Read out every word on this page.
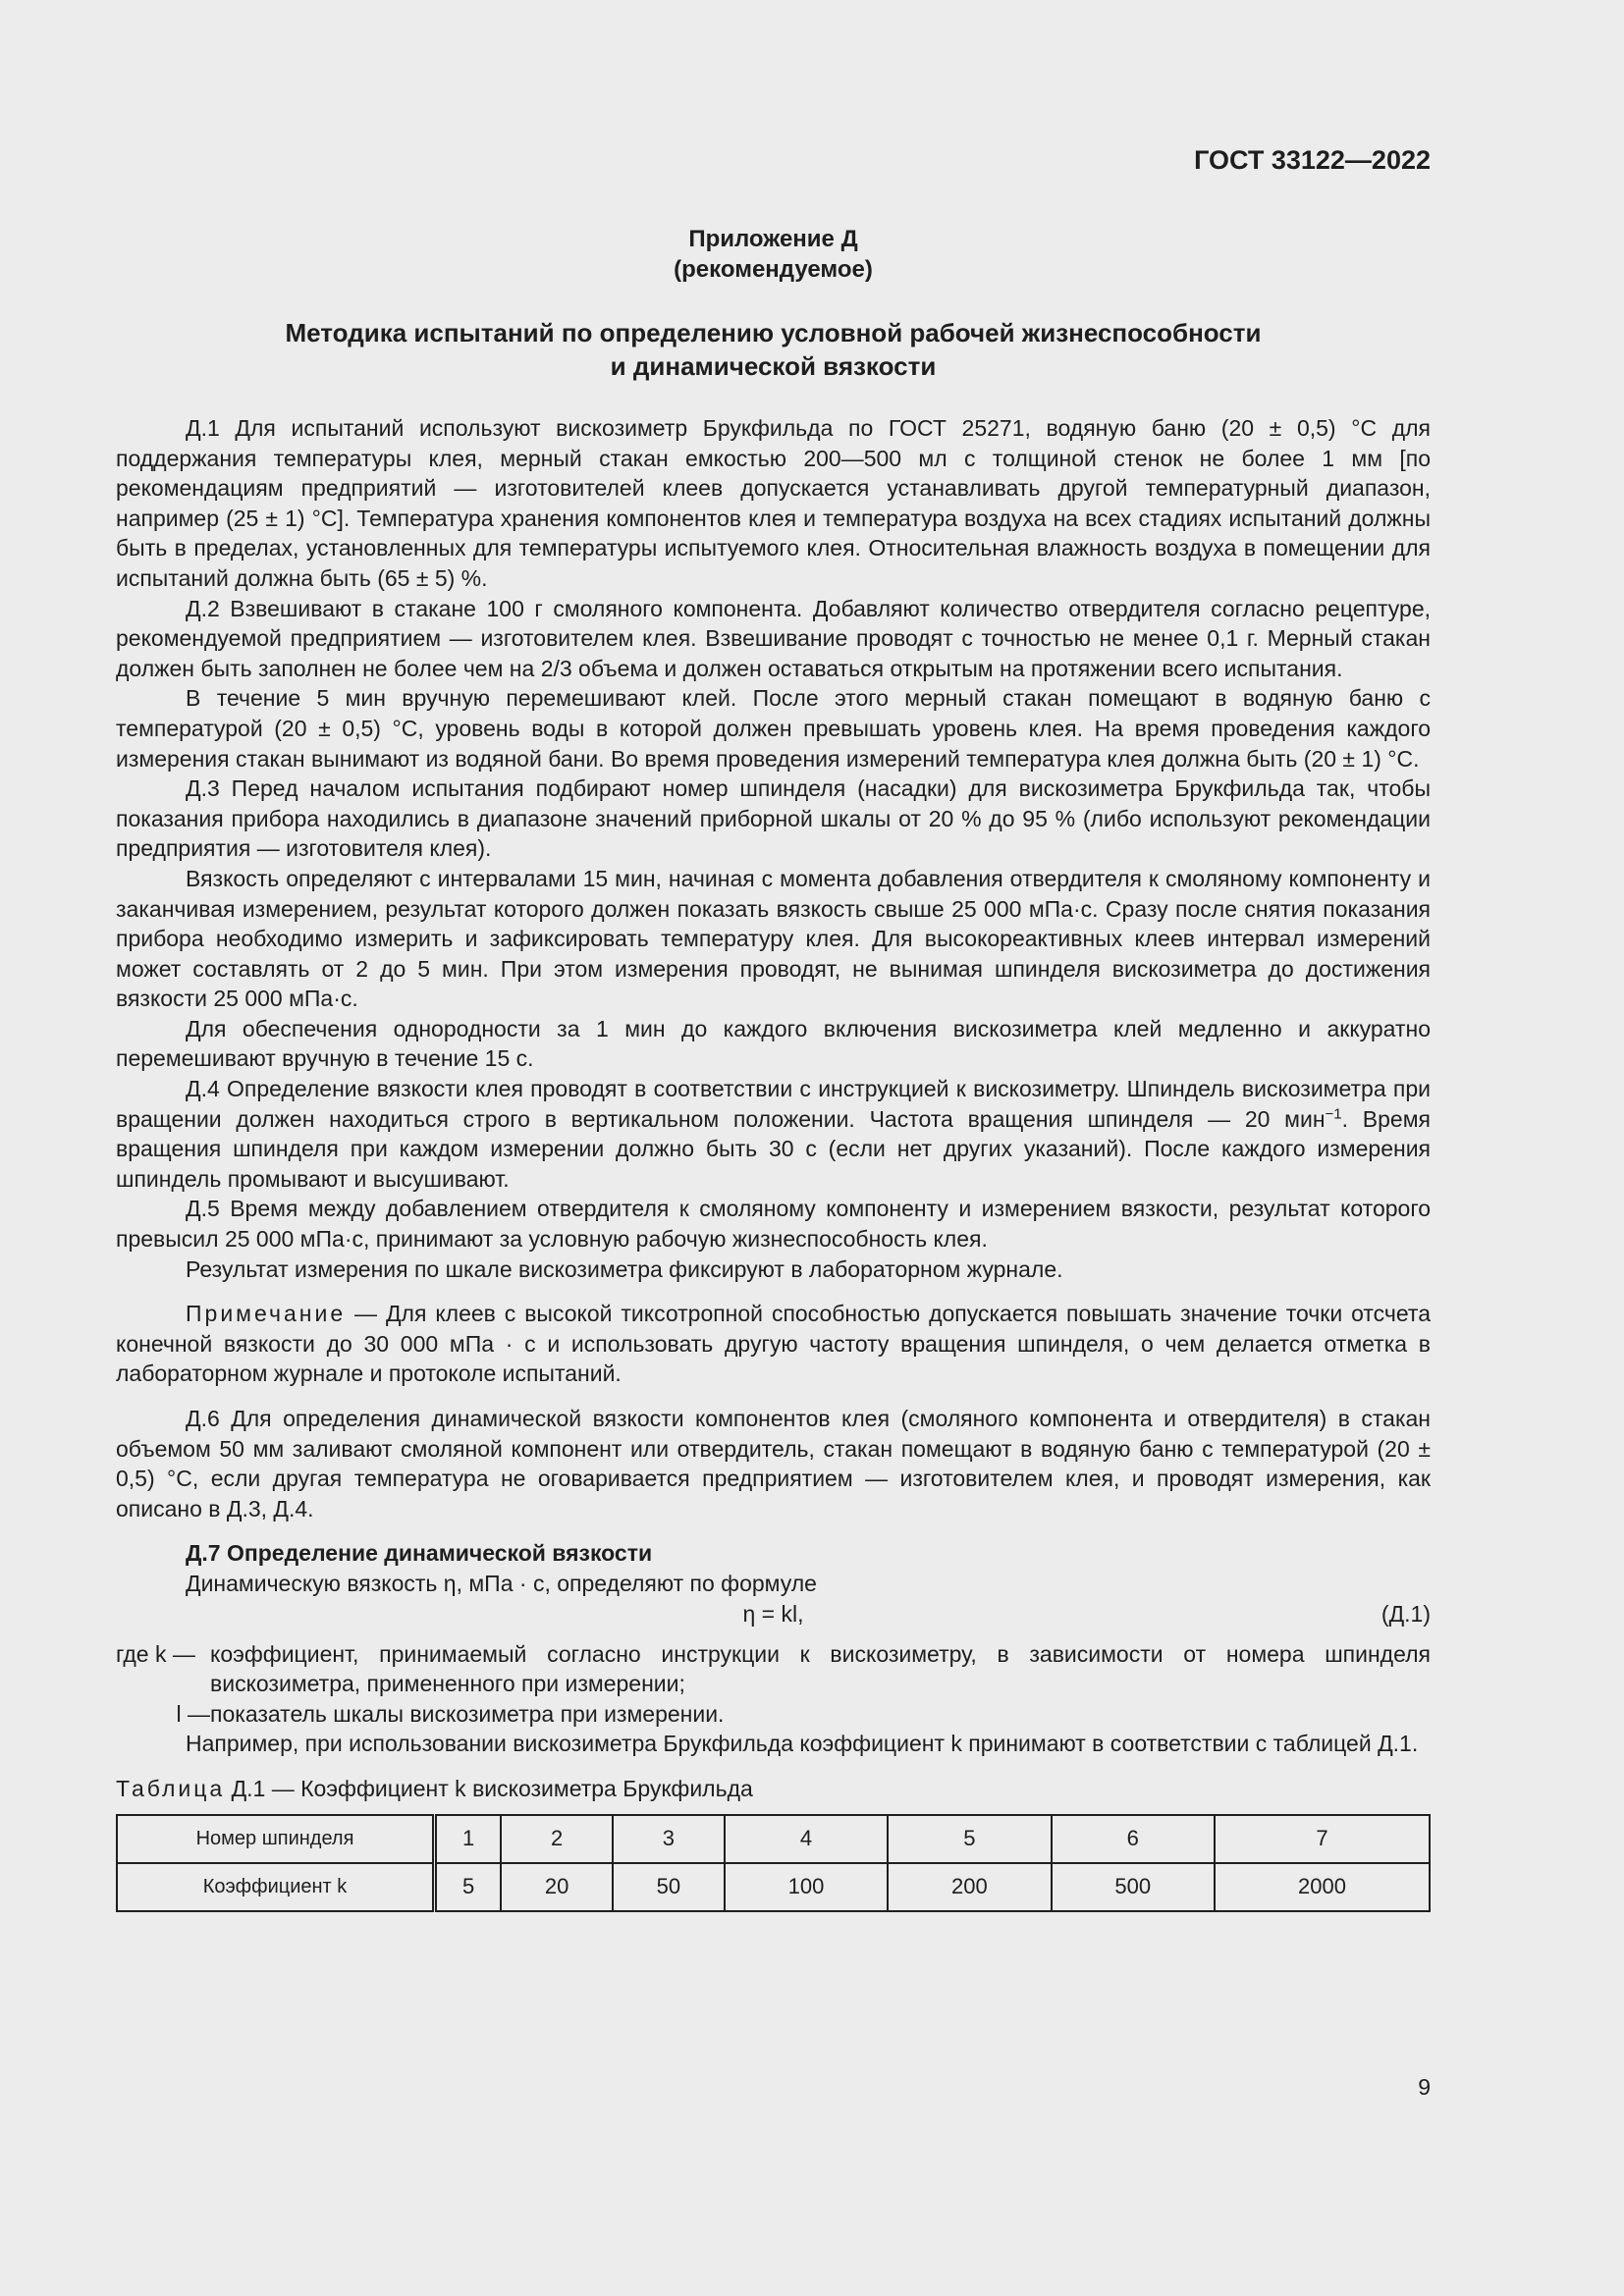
ГОСТ 33122—2022
Приложение Д
(рекомендуемое)
Методика испытаний по определению условной рабочей жизнеспособности
и динамической вязкости

Д.1 Для испытаний используют вискозиметр Брукфильда по ГОСТ 25271, водяную баню (20 ± 0,5) °С для поддержания температуры клея, мерный стакан емкостью 200—500 мл с толщиной стенок не более 1 мм [по рекомендациям предприятий — изготовителей клеев допускается устанавливать другой температурный диапазон, например (25 ± 1) °С]. Температура хранения компонентов клея и температура воздуха на всех стадиях испытаний должны быть в пределах, установленных для температуры испытуемого клея. Относительная влажность воздуха в помещении для испытаний должна быть (65 ± 5) %.

Д.2 Взвешивают в стакане 100 г смоляного компонента. Добавляют количество отвердителя согласно рецептуре, рекомендуемой предприятием — изготовителем клея. Взвешивание проводят с точностью не менее 0,1 г. Мерный стакан должен быть заполнен не более чем на 2/3 объема и должен оставаться открытым на протяжении всего испытания.

В течение 5 мин вручную перемешивают клей. После этого мерный стакан помещают в водяную баню с температурой (20 ± 0,5) °С, уровень воды в которой должен превышать уровень клея. На время проведения каждого измерения стакан вынимают из водяной бани. Во время проведения измерений температура клея должна быть (20 ± 1) °С.

Д.3 Перед началом испытания подбирают номер шпинделя (насадки) для вискозиметра Брукфильда так, чтобы показания прибора находились в диапазоне значений приборной шкалы от 20 % до 95 % (либо используют рекомендации предприятия — изготовителя клея).

Вязкость определяют с интервалами 15 мин, начиная с момента добавления отвердителя к смоляному компоненту и заканчивая измерением, результат которого должен показать вязкость свыше 25 000 мПа·с. Сразу после снятия показания прибора необходимо измерить и зафиксировать температуру клея. Для высокореактивных клеев интервал измерений может составлять от 2 до 5 мин. При этом измерения проводят, не вынимая шпинделя вискозиметра до достижения вязкости 25 000 мПа·с.

Для обеспечения однородности за 1 мин до каждого включения вискозиметра клей медленно и аккуратно перемешивают вручную в течение 15 с.

Д.4 Определение вязкости клея проводят в соответствии с инструкцией к вискозиметру. Шпиндель вискозиметра при вращении должен находиться строго в вертикальном положении. Частота вращения шпинделя — 20 мин$^{-1}$. Время вращения шпинделя при каждом измерении должно быть 30 с (если нет других указаний). После каждого измерения шпиндель промывают и высушивают.

Д.5 Время между добавлением отвердителя к смоляному компоненту и измерением вязкости, результат которого превысил 25 000 мПа·с, принимают за условную рабочую жизнеспособность клея.

Результат измерения по шкале вискозиметра фиксируют в лабораторном журнале.

Примечание — Для клеев с высокой тиксотропной способностью допускается повышать значение точки отсчета конечной вязкости до 30 000 мПа · с и использовать другую частоту вращения шпинделя, о чем делается отметка в лабораторном журнале и протоколе испытаний.

Д.6 Для определения динамической вязкости компонентов клея (смоляного компонента и отвердителя) в стакан объемом 50 мм заливают смоляной компонент или отвердитель, стакан помещают в водяную баню с температурой (20 ± 0,5) °С, если другая температура не оговаривается предприятием — изготовителем клея, и проводят измерения, как описано в Д.3, Д.4.

Д.7 Определение динамической вязкости

Динамическую вязкость η, мПа · с, определяют по формуле

η = kl,	(Д.1)
где k — коэффициент, принимаемый согласно инструкции к вискозиметру, в зависимости от номера шпинделя вискозиметра, примененного при измерении;
l — показатель шкалы вискозиметра при измерении.

Например, при использовании вискозиметра Брукфильда коэффициент k принимают в соответствии с таблицей Д.1.

Таблица Д.1 — Коэффициент k вискозиметра Брукфильда
Номер шпинделя	1	2	3	4	5	6	7
Коэффициент k	5	20	50	100	200	500	2000
9
